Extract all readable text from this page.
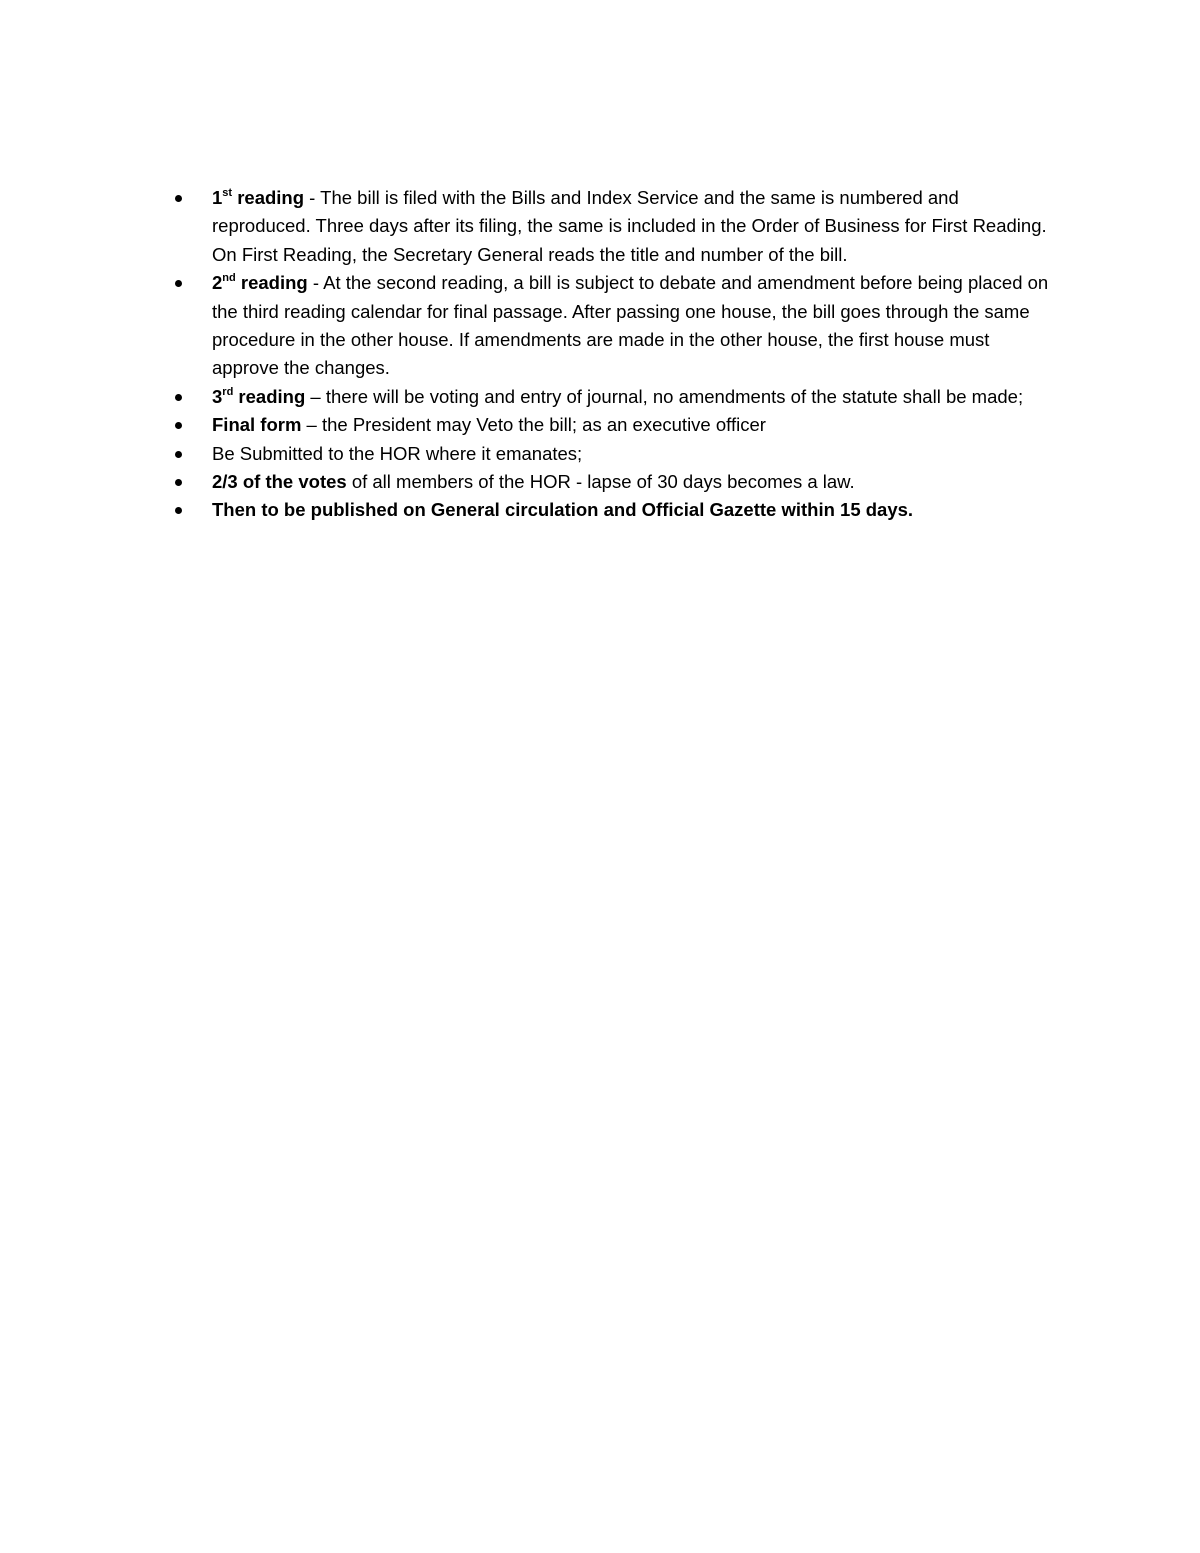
1st reading - The bill is filed with the Bills and Index Service and the same is numbered and reproduced. Three days after its filing, the same is included in the Order of Business for First Reading. On First Reading, the Secretary General reads the title and number of the bill.
2nd reading - At the second reading, a bill is subject to debate and amendment before being placed on the third reading calendar for final passage. After passing one house, the bill goes through the same procedure in the other house. If amendments are made in the other house, the first house must approve the changes.
3rd reading – there will be voting and entry of journal, no amendments of the statute shall be made;
Final form – the President may Veto the bill; as an executive officer
Be Submitted to the HOR where it emanates;
2/3 of the votes of all members of the HOR - lapse of 30 days becomes a law.
Then to be published on General circulation and Official Gazette within 15 days.
